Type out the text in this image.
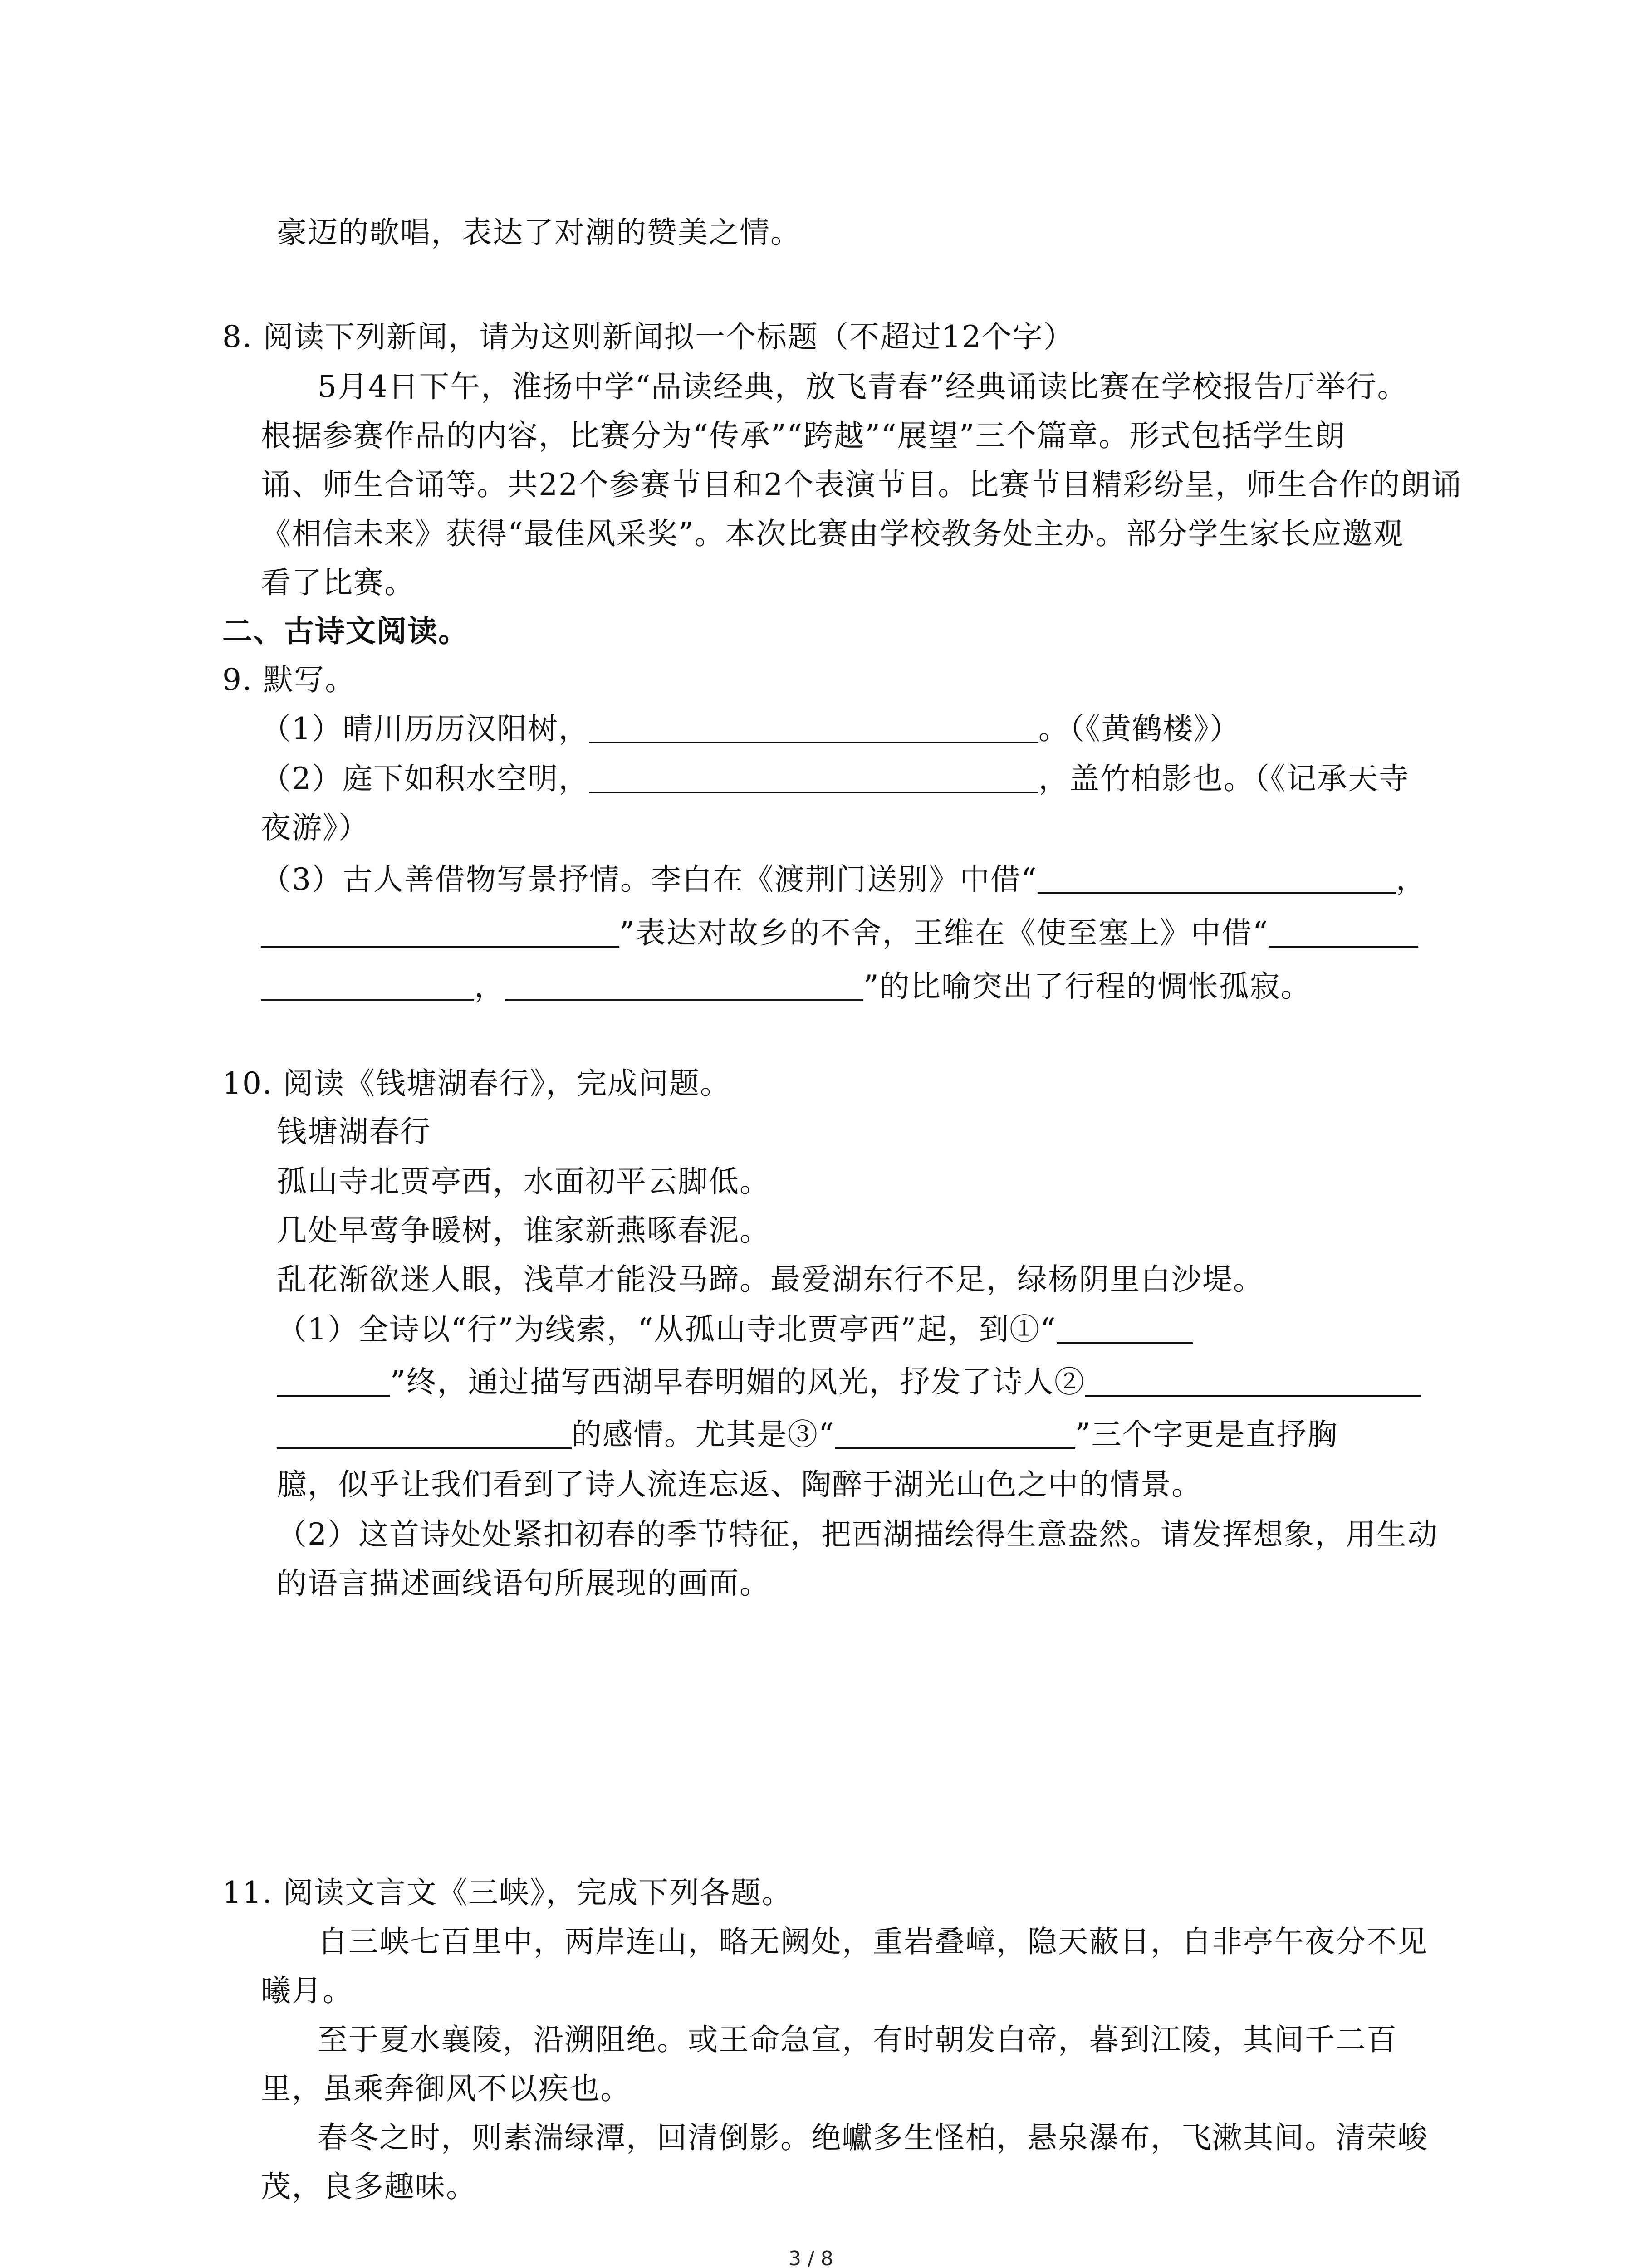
豪迈的歌唱，表达了对潮的赞美之情。
8. 阅读下列新闻，请为这则新闻拟一个标题（不超过12个字）
5月4日下午，淮扬中学“品读经典，放飞青春”经典诵读比赛在学校报告厅举行。
根据参赛作品的内容，比赛分为“传承”“跨越”“展望”三个篇章。形式包括学生朗
诵、师生合诵等。共22个参赛节目和2个表演节目。比赛节目精彩纷呈，师生合作的朗诵
《相信未来》获得“最佳风采奖”。本次比赛由学校教务处主办。部分学生家长应邀观
看了比赛。
二、古诗文阅读。
9. 默写。
（1）晴川历历汉阳树，	。（《黄鹤楼》）
（2）庭下如积水空明，	，盖竹柏影也。（《记承天寺
夜游》）
（3）古人善借物写景抒情。李白在《渡荆门送别》中借“	，
”表达对故乡的不舍，王维在《使至塞上》中借“
，	”的比喻突出了行程的惆怅孤寂。
10. 阅读《钱塘湖春行》，完成问题。
钱塘湖春行
孤山寺北贾亭西，水面初平云脚低。
几处早莺争暖树，谁家新燕啄春泥。
乱花渐欲迷人眼，浅草才能没马蹄。最爱湖东行不足，绿杨阴里白沙堤。
（1）全诗以“行”为线索，“从孤山寺北贾亭西”起，到①“
”终，通过描写西湖早春明媚的风光，抒发了诗人②
的感情。尤其是③“	”三个字更是直抒胸
臆，似乎让我们看到了诗人流连忘返、陶醉于湖光山色之中的情景。
（2）这首诗处处紧扣初春的季节特征，把西湖描绘得生意盎然。请发挥想象，用生动
的语言描述画线语句所展现的画面。
11. 阅读文言文《三峡》，完成下列各题。
自三峡七百里中，两岸连山，略无阙处，重岩叠嶂，隐天蔽日，自非亭午夜分不见
曦月。
至于夏水襄陵，沿溯阻绝。或王命急宣，有时朝发白帝，暮到江陵，其间千二百
里，虽乘奔御风不以疾也。
春冬之时，则素湍绿潭，回清倒影。绝巘多生怪柏，悬泉瀑布，飞漱其间。清荣峻
茂，良多趣味。
3 / 8
